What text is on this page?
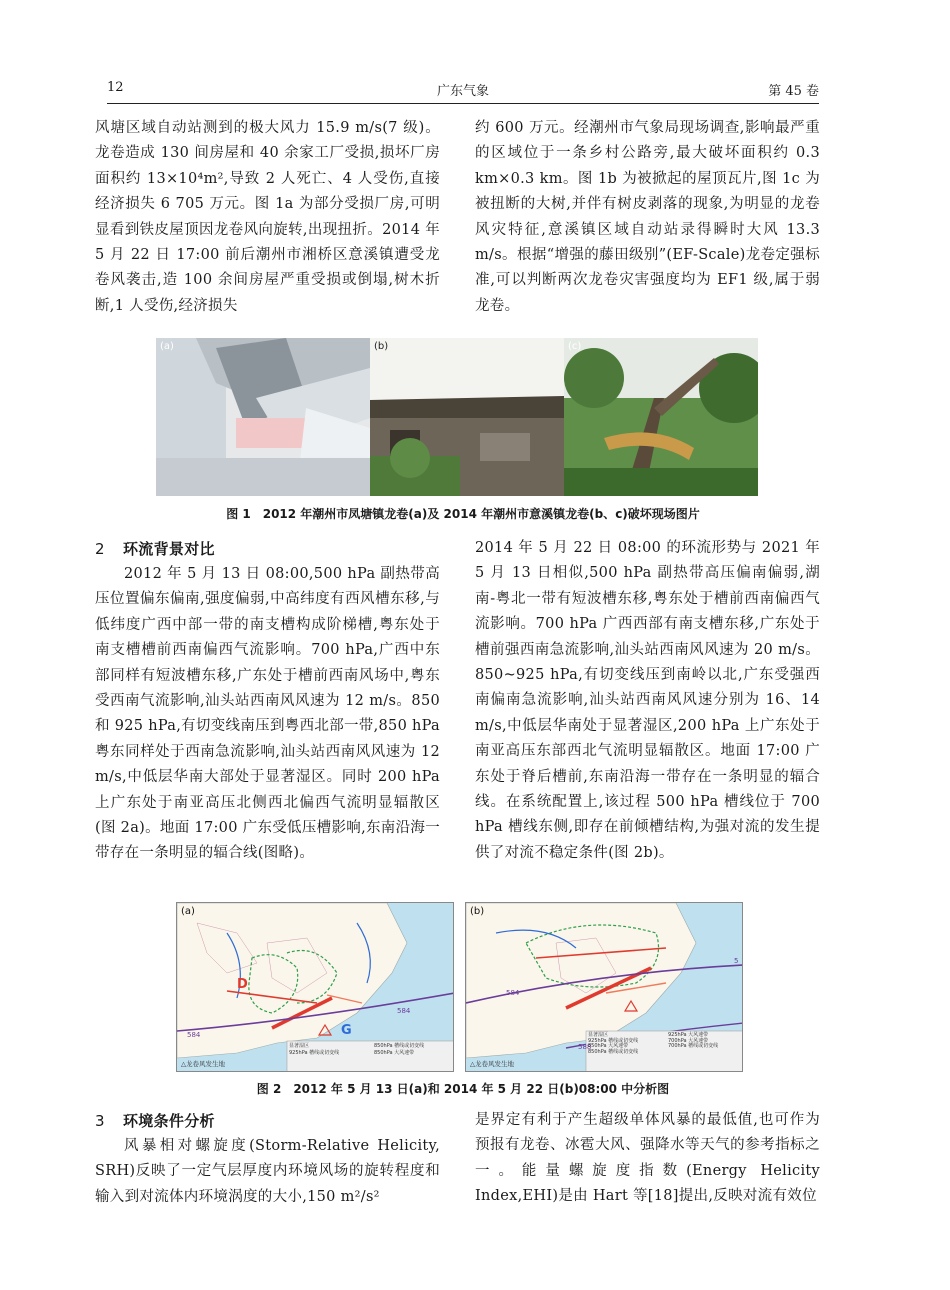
12	广东气象	第 45 卷

风塘区域自动站测到的极大风力 15.9 m/s(7 级)。龙卷造成 130 间房屋和 40 余家工厂受损,损坏厂房面积约 13×10⁴m²,导致 2 人死亡、4 人受伤,直接经济损失 6 705 万元。图 1a 为部分受损厂房,可明显看到铁皮屋顶因龙卷风向旋转,出现扭折。2014 年 5 月 22 日 17:00 前后潮州市湘桥区意溪镇遭受龙卷风袭击,造 100 余间房屋严重受损或倒塌,树木折断,1 人受伤,经济损失

约 600 万元。经潮州市气象局现场调查,影响最严重的区域位于一条乡村公路旁,最大破坏面积约 0.3 km×0.3 km。图 1b 为被掀起的屋顶瓦片,图 1c 为被扭断的大树,并伴有树皮剥落的现象,为明显的龙卷风灾特征,意溪镇区域自动站录得瞬时大风 13.3 m/s。根据“增强的藤田级别”(EF-Scale)龙卷定强标准,可以判断两次龙卷灾害强度均为 EF1 级,属于弱龙卷。

(a)	(b)	(c)
图 1　2012 年潮州市凤塘镇龙卷(a)及 2014 年潮州市意溪镇龙卷(b、c)破坏现场图片
2 环流背景对比

2012 年 5 月 13 日 08:00,500 hPa 副热带高压位置偏东偏南,强度偏弱,中高纬度有西风槽东移,与低纬度广西中部一带的南支槽构成阶梯槽,粤东处于南支槽槽前西南偏西气流影响。700 hPa,广西中东部同样有短波槽东移,广东处于槽前西南风场中,粤东受西南气流影响,汕头站西南风风速为 12 m/s。850 和 925 hPa,有切变线南压到粤西北部一带,850 hPa 粤东同样处于西南急流影响,汕头站西南风风速为 12 m/s,中低层华南大部处于显著湿区。同时 200 hPa 上广东处于南亚高压北侧西北偏西气流明显辐散区(图 2a)。地面 17:00 广东受低压槽影响,东南沿海一带存在一条明显的辐合线(图略)。

2014 年 5 月 22 日 08:00 的环流形势与 2021 年 5 月 13 日相似,500 hPa 副热带高压偏南偏弱,湖南-粤北一带有短波槽东移,粤东处于槽前西南偏西气流影响。700 hPa 广西西部有南支槽东移,广东处于槽前强西南急流影响,汕头站西南风风速为 20 m/s。850~925 hPa,有切变线压到南岭以北,广东受强西南偏南急流影响,汕头站西南风风速分别为 16、14 m/s,中低层华南处于显著湿区,200 hPa 上广东处于南亚高压东部西北气流明显辐散区。地面 17:00 广东处于脊后槽前,东南沿海一带存在一条明显的辐合线。在系统配置上,该过程 500 hPa 槽线位于 700 hPa 槽线东侧,即存在前倾槽结构,为强对流的发生提供了对流不稳定条件(图 2b)。

(a)
D
G
584
584
显著湿区
925hPa 槽线或切变线
850hPa 槽线或切变线
850hPa 大风速带
△龙卷风发生地
(b)
584
588
5
显著湿区
925hPa 槽线或切变线
850hPa 大风速带
850hPa 槽线或切变线
925hPa 大风速带
700hPa 大风速带
700hPa 槽线或切变线
△龙卷风发生地
图 2　2012 年 5 月 13 日(a)和 2014 年 5 月 22 日(b)08:00 中分析图
3 环境条件分析

风暴相对螺旋度(Storm-Relative Helicity, SRH)反映了一定气层厚度内环境风场的旋转程度和输入到对流体内环境涡度的大小,150 m²/s²

是界定有利于产生超级单体风暴的最低值,也可作为预报有龙卷、冰雹大风、强降水等天气的参考指标之一。能量螺旋度指数(Energy Helicity Index,EHI)是由 Hart 等[18]提出,反映对流有效位
